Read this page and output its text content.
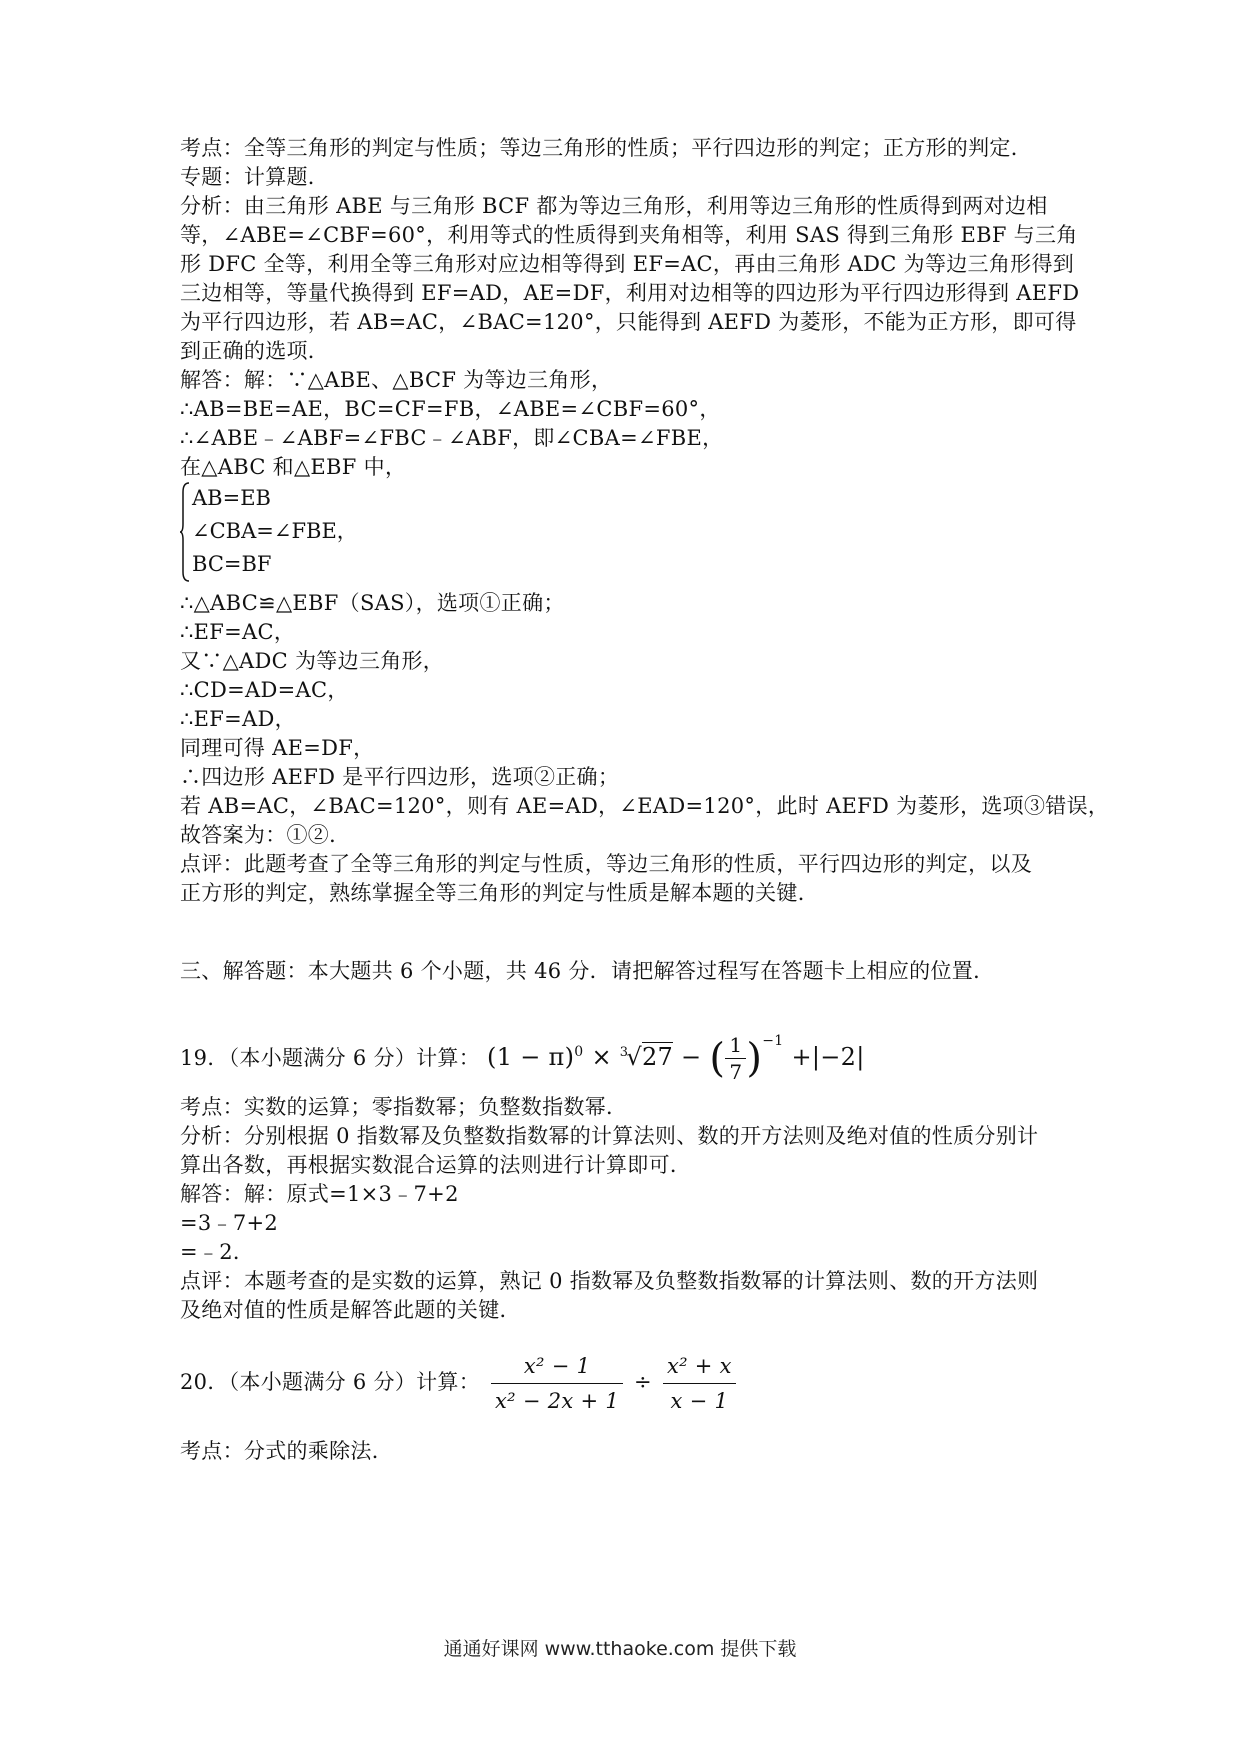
考点：全等三角形的判定与性质；等边三角形的性质；平行四边形的判定；正方形的判定．
专题：计算题．
分析：由三角形 ABE 与三角形 BCF 都为等边三角形，利用等边三角形的性质得到两对边相
等，∠ABE=∠CBF=60°，利用等式的性质得到夹角相等，利用 SAS 得到三角形 EBF 与三角
形 DFC 全等，利用全等三角形对应边相等得到 EF=AC，再由三角形 ADC 为等边三角形得到
三边相等，等量代换得到 EF=AD，AE=DF，利用对边相等的四边形为平行四边形得到 AEFD
为平行四边形，若 AB=AC，∠BAC=120°，只能得到 AEFD 为菱形，不能为正方形，即可得
到正确的选项．
解答：解：∵△ABE、△BCF 为等边三角形，
∴AB=BE=AE，BC=CF=FB，∠ABE=∠CBF=60°，
∴∠ABE﹣∠ABF=∠FBC﹣∠ABF，即∠CBA=∠FBE，
在△ABC 和△EBF 中，
AB=EB
∠CBA=∠FBE，
BC=BF
∴△ABC≌△EBF（SAS），选项①正确；
∴EF=AC，
又∵△ADC 为等边三角形，
∴CD=AD=AC，
∴EF=AD，
同理可得 AE=DF，
∴四边形 AEFD 是平行四边形，选项②正确；
若 AB=AC，∠BAC=120°，则有 AE=AD，∠EAD=120°，此时 AEFD 为菱形，选项③错误，
故答案为：①②．
点评：此题考查了全等三角形的判定与性质，等边三角形的性质，平行四边形的判定，以及
正方形的判定，熟练掌握全等三角形的判定与性质是解本题的关键．
三、解答题：本大题共 6 个小题，共 46 分．请把解答过程写在答题卡上相应的位置．
19．（本小题满分 6 分）计算： $(1 - \pi)^0 \times ^3√27$ − ( $\frac{1}{7} )^{-1} +|-2|$
考点：实数的运算；零指数幂；负整数指数幂．
分析：分别根据 0 指数幂及负整数指数幂的计算法则、数的开方法则及绝对值的性质分别计
算出各数，再根据实数混合运算的法则进行计算即可．
解答：解：原式=1×3﹣7+2
=3﹣7+2
=﹣2．
点评：本题考查的是实数的运算，熟记 0 指数幂及负整数指数幂的计算法则、数的开方法则
及绝对值的性质是解答此题的关键．
20．（本小题满分 6 分）计算： $\frac{\text{x² − 1}}{\text{x² − 2x + 1}} \div \frac{\text{x² + x}}{x - 1}$
考点：分式的乘除法．
通通好课网 www.tthaoke.com 提供下载
